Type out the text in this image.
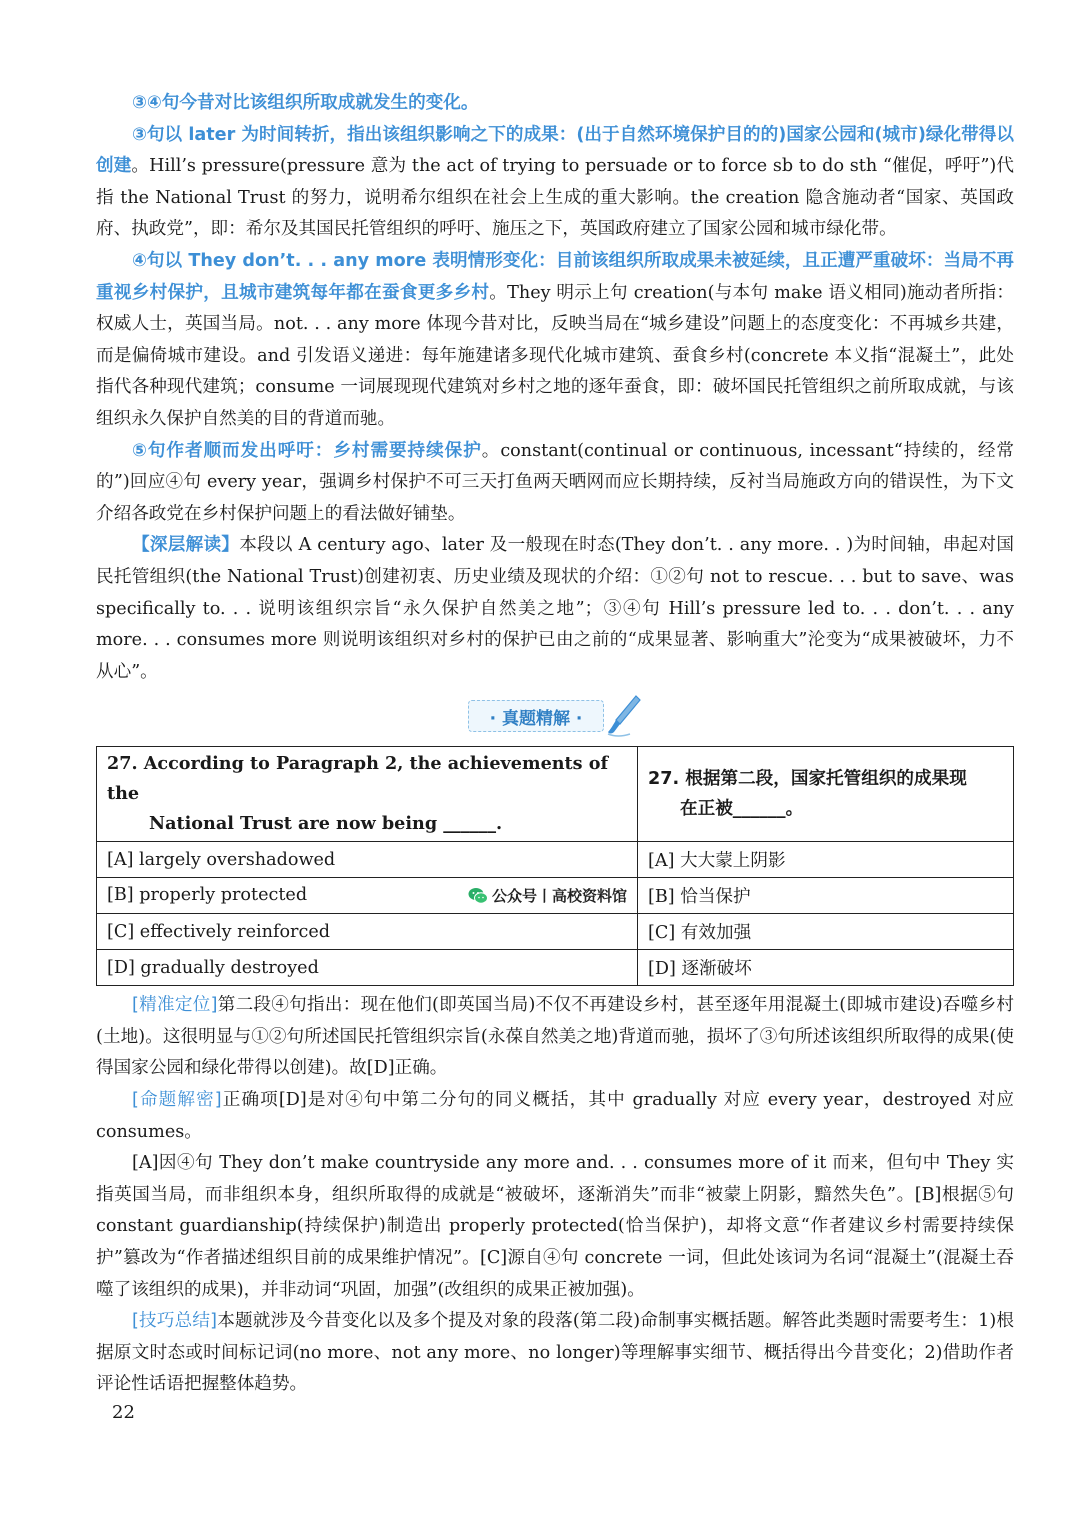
③④句今昔对比该组织所取成就发生的变化。

③句以 later 为时间转折，指出该组织影响之下的成果：(出于自然环境保护目的的)国家公园和(城市)绿化带得以创建。Hill’s pressure(pressure 意为 the act of trying to persuade or to force sb to do sth “催促，呼吁”)代指 the National Trust 的努力，说明希尔组织在社会上生成的重大影响。the creation 隐含施动者“国家、英国政府、执政党”，即：希尔及其国民托管组织的呼吁、施压之下，英国政府建立了国家公园和城市绿化带。

④句以 They don’t. . . any more 表明情形变化：目前该组织所取成果未被延续，且正遭严重破坏：当局不再重视乡村保护，且城市建筑每年都在蚕食更多乡村。They 明示上句 creation(与本句 make 语义相同)施动者所指：权威人士，英国当局。not. . . any more 体现今昔对比，反映当局在“城乡建设”问题上的态度变化：不再城乡共建，而是偏倚城市建设。and 引发语义递进：每年施建诸多现代化城市建筑、蚕食乡村(concrete 本义指“混凝土”，此处指代各种现代建筑；consume 一词展现现代建筑对乡村之地的逐年蚕食，即：破坏国民托管组织之前所取成就，与该组织永久保护自然美的目的背道而驰。

⑤句作者顺而发出呼吁：乡村需要持续保护。constant(continual or continuous, incessant“持续的，经常的”)回应④句 every year，强调乡村保护不可三天打鱼两天晒网而应长期持续，反衬当局施政方向的错误性，为下文介绍各政党在乡村保护问题上的看法做好铺垫。

【深层解读】本段以 A century ago、later 及一般现在时态(They don’t. . any more. . )为时间轴，串起对国民托管组织(the National Trust)创建初衷、历史业绩及现状的介绍：①②句 not to rescue. . . but to save、was specifically to. . . 说明该组织宗旨“永久保护自然美之地”；③④句 Hill’s pressure led to. . . don’t. . . any more. . . consumes more 则说明该组织对乡村的保护已由之前的“成果显著、影响重大”沦变为“成果被破坏，力不从心”。

· 真题精解 ·
27. According to Paragraph 2, the achievements of the
National Trust are now being ______.	27. 根据第二段，国家托管组织的成果现
在正被______。

[A] largely overshadowed	[A] 大大蒙上阴影
[B] properly protected 公众号丨高校资料馆	[B] 恰当保护
[C] effectively reinforced	[C] 有效加强
[D] gradually destroyed	[D] 逐渐破坏

[精准定位]第二段④句指出：现在他们(即英国当局)不仅不再建设乡村，甚至逐年用混凝土(即城市建设)吞噬乡村(土地)。这很明显与①②句所述国民托管组织宗旨(永葆自然美之地)背道而驰，损坏了③句所述该组织所取得的成果(使得国家公园和绿化带得以创建)。故[D]正确。

[命题解密]正确项[D]是对④句中第二分句的同义概括，其中 gradually 对应 every year，destroyed 对应 consumes。

[A]因④句 They don’t make countryside any more and. . . consumes more of it 而来，但句中 They 实指英国当局，而非组织本身，组织所取得的成就是“被破坏，逐渐消失”而非“被蒙上阴影，黯然失色”。[B]根据⑤句 constant guardianship(持续保护)制造出 properly protected(恰当保护)，却将文意“作者建议乡村需要持续保护”篡改为“作者描述组织目前的成果维护情况”。[C]源自④句 concrete 一词，但此处该词为名词“混凝土”(混凝土吞噬了该组织的成果)，并非动词“巩固，加强”(改组织的成果正被加强)。

[技巧总结]本题就涉及今昔变化以及多个提及对象的段落(第二段)命制事实概括题。解答此类题时需要考生：1)根据原文时态或时间标记词(no more、not any more、no longer)等理解事实细节、概括得出今昔变化；2)借助作者评论性话语把握整体趋势。

22
